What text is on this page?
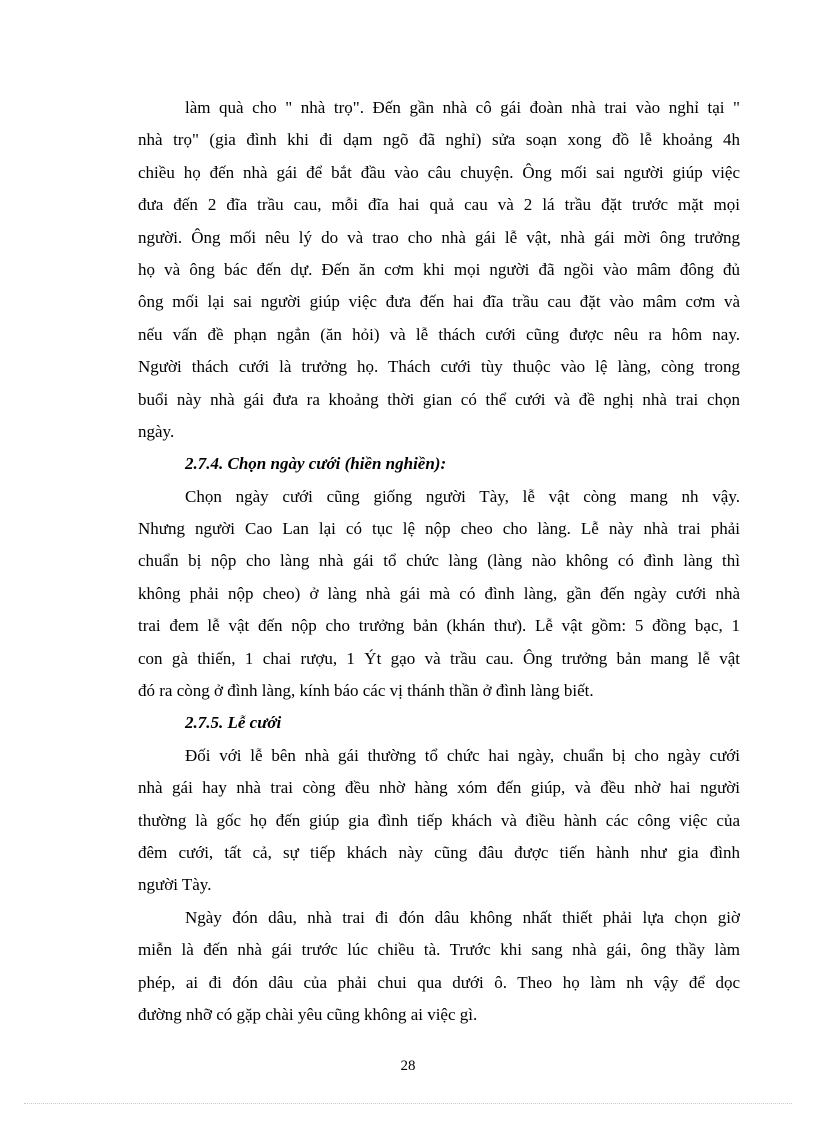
làm quà cho " nhà trọ". Đến gần nhà cô gái đoàn nhà trai vào nghỉ tại "
nhà trọ" (gia đình khi đi dạm ngõ đã nghỉ) sửa soạn xong đồ lễ khoảng 4h
chiều họ đến nhà gái để bắt đầu vào câu chuyện. Ông mối sai người giúp việc
đưa đến 2 đĩa trầu cau, mỗi đĩa hai quả cau và 2 lá trầu đặt trước mặt mọi
người. Ông mối nêu lý do và trao cho nhà gái lễ vật, nhà gái mời ông trưởng
họ và ông bác đến dự. Đến ăn cơm khi mọi người đã ngồi vào mâm đông đủ
ông mối lại sai người giúp việc đưa đến hai đĩa trầu cau đặt vào mâm cơm và
nếu vấn đề phạn ngẳn (ăn hỏi) và lễ thách cưới cũng được nêu ra hôm nay.
Người thách cưới là trưởng họ. Thách cưới tùy thuộc vào lệ làng, còng trong
buổi này nhà gái đưa ra khoảng thời gian có thể cưới và đề nghị nhà trai chọn
ngày.
2.7.4. Chọn ngày cưới (hiền nghiền):
Chọn ngày cưới cũng giống người Tày, lễ vật còng mang nh vậy.
Nhưng người Cao Lan lại có tục lệ nộp cheo cho làng. Lễ này nhà trai phải
chuẩn bị nộp cho làng nhà gái tổ chức làng (làng nào không có đình làng thì
không phải nộp cheo) ở làng nhà gái mà có đình làng, gần đến ngày cưới nhà
trai đem lễ vật đến nộp cho trưởng bản (khán thư). Lễ vật gồm: 5 đồng bạc, 1
con gà thiến, 1 chai rượu, 1 Ýt gạo và trầu cau. Ông trưởng bản mang lễ vật
đó ra còng ở đình làng, kính báo các vị thánh thần ở đình làng biết.
2.7.5. Lễ cưới
Đối với lễ bên nhà gái thường tổ chức hai ngày, chuẩn bị cho ngày cưới
nhà gái hay nhà trai còng đều nhờ hàng xóm đến giúp, và đều nhờ hai người
thường là gốc họ đến giúp gia đình tiếp khách và điều hành các công việc của
đêm cưới, tất cả, sự tiếp khách này cũng đâu được tiến hành như gia đình
người Tày.
Ngày đón dâu, nhà trai đi đón dâu không nhất thiết phải lựa chọn giờ
miễn là đến nhà gái trước lúc chiều tà. Trước khi sang nhà gái, ông thầy làm
phép, ai đi đón dâu của phải chui qua dưới ô. Theo họ làm nh vậy để dọc
đường nhỡ có gặp chài yêu cũng không ai việc gì.
28
